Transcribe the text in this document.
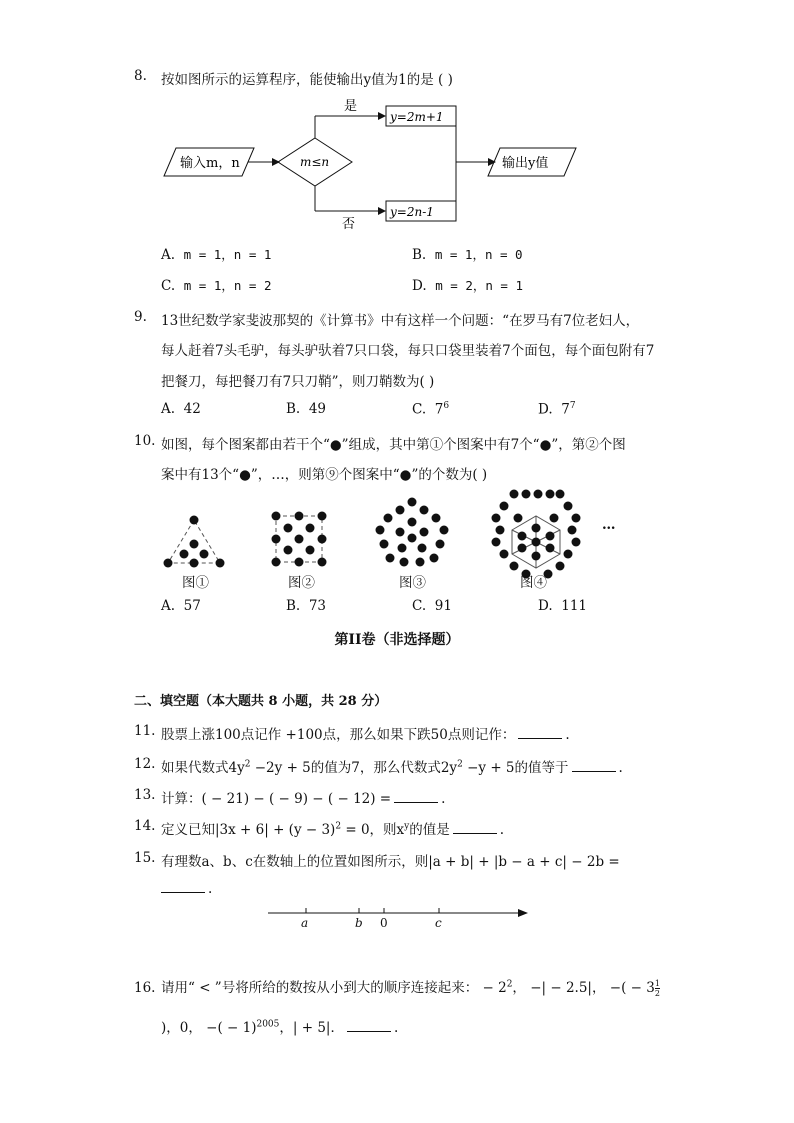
8. 按如图所示的运算程序，能使输出y值为1的是 ( )
输入m，n	m≤n
是
y=2m+1
否
y=2n-1
输出y值
A. m = 1，n = 1	B. m = 1，n = 0
C. m = 1，n = 2	D. m = 2，n = 1
9. 13世纪数学家斐波那契的《计算书》中有这样一个问题：“在罗马有7位老妇人，
每人赶着7头毛驴，每头驴驮着7只口袋，每只口袋里装着7个面包，每个面包附有7
把餐刀，每把餐刀有7只刀鞘”，则刀鞘数为( )
A. 42	B. 49	C. $7^6$	D. $7^7$
10. 如图，每个图案都由若干个“●”组成，其中第①个图案中有7个“●”，第②个图
案中有13个“●”，…，则第⑨个图案中“●”的个数为( )
…
图①	图②	图③	图④
A. 57	B. 73	C. 91	D. 111
第II卷（非选择题）
二、填空题（本大题共 8 小题，共 28 分）
11. 股票上涨100点记作 +100点，那么如果下跌50点则记作：	.
12. 如果代数式$4y^2 -2y + 5$的值为7，那么代数式$2y^2 -y + 5$的值等于	.
13. 计算：( − 21) − ( − 9) − ( − 12) =	.
14. 定义已知$|3x + 6| + (y - 3)^2 = 0$，则$x^y$的值是	.
15. 有理数a、b、c在数轴上的位置如图所示，则|a + b| + |b − a + c| − 2b =
.
a	b 0	c
16. 请用“ < ”号将所给的数按从小到大的顺序连接起来： − $2^2$， −| − 2.5|， −( − $3 \frac{1}{2}$
)，0， −( − 1)$^{2005}$，| + 5|．	.
